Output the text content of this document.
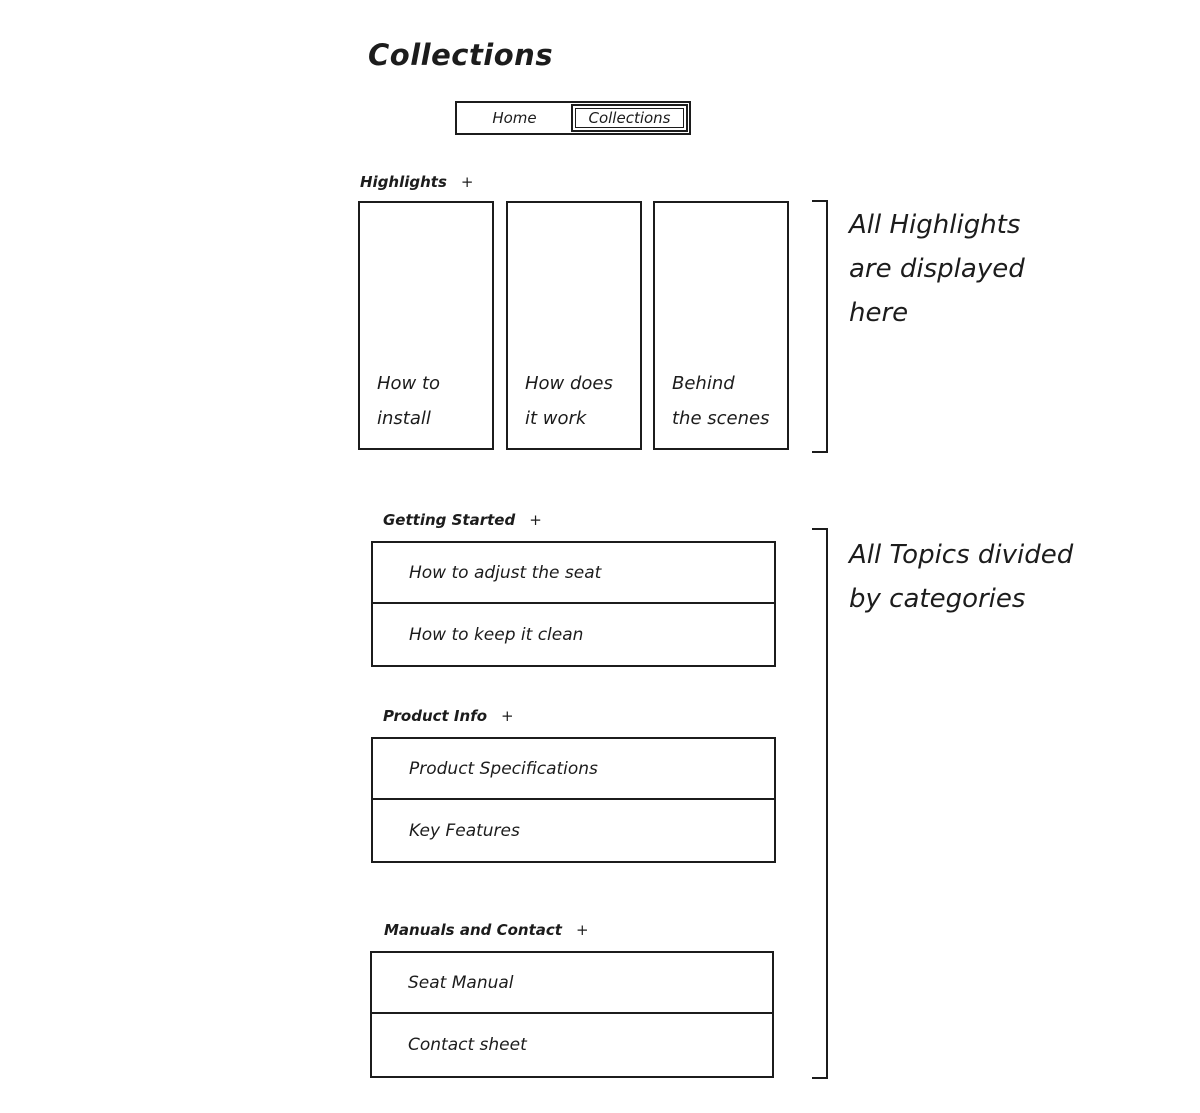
Collections
Home	Collections
Highlights +
How to
install
How does
it work
Behind
the scenes
All Highlights
are displayed
here
Getting Started +
How to adjust the seat
How to keep it clean
Product Info +
Product Specifications
Key Features
Manuals and Contact +
Seat Manual
Contact sheet
All Topics divided
by categories
